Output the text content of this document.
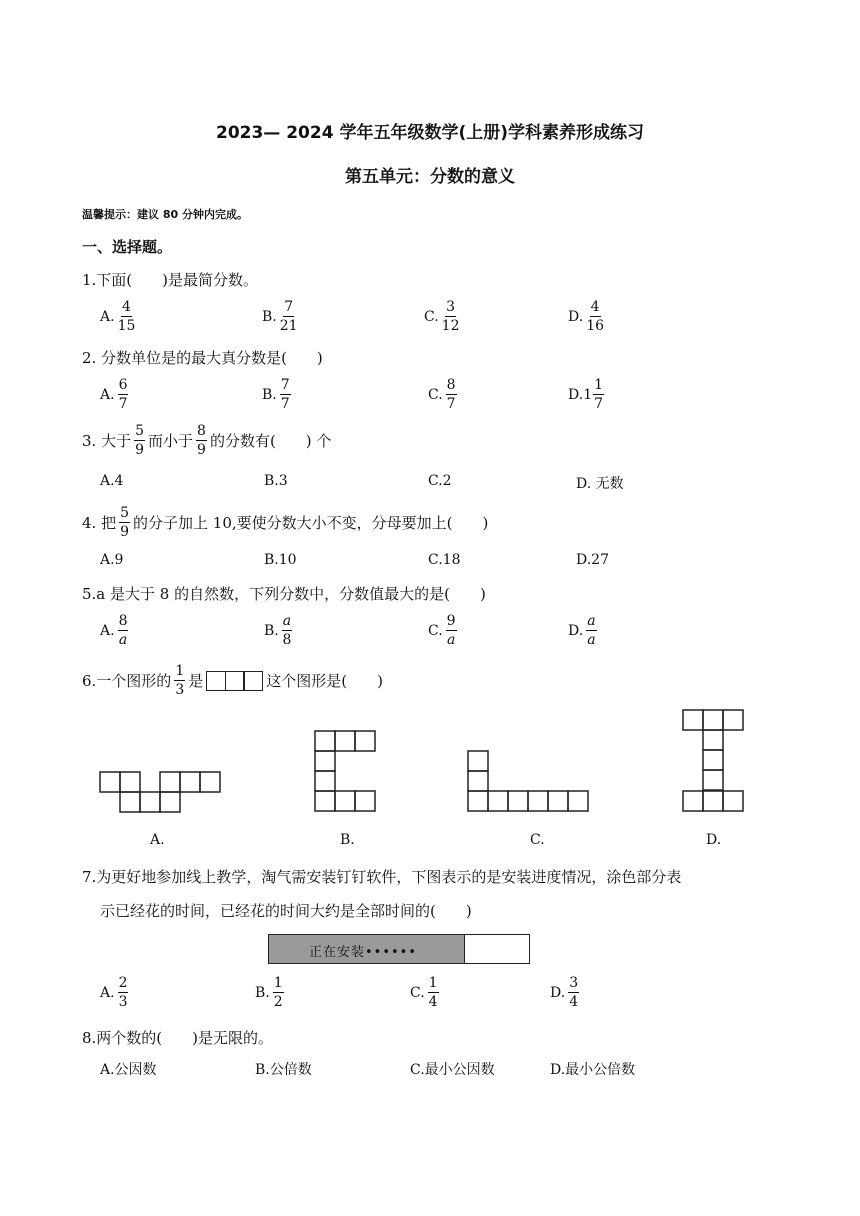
2023— 2024 学年五年级数学(上册)学科素养形成练习
第五单元：分数的意义
温馨提示：建议 80 分钟内完成。
一、选择题。
1.下面(　　)是最简分数。
A. $\frac{4}{15}$	B. $\frac{7}{21}$	C. $\frac{3}{12}$	D. $\frac{4}{16}$
2. 分数单位是的最大真分数是(　　)
A. $\frac{6}{7}$	B. $\frac{7}{7}$	C. $\frac{8}{7}$	D. $1 \frac{1}{7}$
3. 大于 $\frac{5}{9}$ 而小于 $\frac{8}{9}$ 的分数有(　　) 个
A.4	B.3	C.2	D. 无数
4. 把 $\frac{5}{9}$ 的分子加上 10,要使分数大小不变，分母要加上(　　)
A.9	B.10	C.18	D.27
5.a 是大于 8 的自然数，下列分数中，分数值最大的是(　　)
A. $\frac{8}{a}$	B. $\frac{a}{8}$	C. $\frac{9}{a}$	D. $\frac{a}{a}$
6.一个图形的 $\frac{1}{3}$ 是	这个图形是(　　)
A.	B.	C.	D.
7.为更好地参加线上教学，淘气需安装钉钉软件，下图表示的是安装进度情况，涂色部分表
示已经花的时间，已经花的时间大约是全部时间的(　　)
正在安装••••••
A. $\frac{2}{3}$	B. $\frac{1}{2}$	C. $\frac{1}{4}$	D. $\frac{3}{4}$
8.两个数的(　　)是无限的。
A.公因数	B.公倍数	C.最小公因数	D.最小公倍数
